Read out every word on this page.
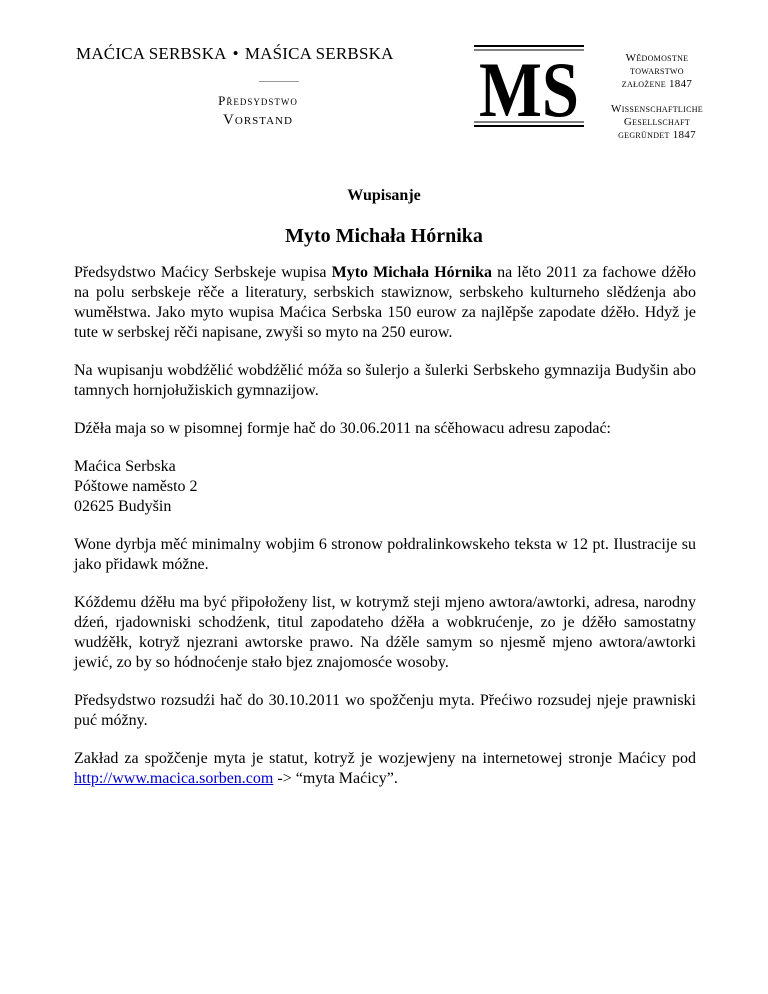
MAĆICA SERBSKA • MAŚICA SERBSKA
Předsydstwo
Vorstand	MS	Wědomostne
towarstwo
założene 1847
Wissenschaftliche
Gesellschaft
gegründet 1847
Wupisanje
Myto Michała Hórnika

Předsydstwo Maćicy Serbskeje wupisa Myto Michała Hórnika na lěto 2011 za fachowe dźěło na polu serbskeje rěče a literatury, serbskich stawiznow, serbskeho kulturneho slědźenja abo wuměłstwa. Jako myto wupisa Maćica Serbska 150 eurow za najlěpše zapodate dźěło. Hdyž je tute w serbskej rěči napisane, zwyši so myto na 250 eurow.

Na wupisanju wobdźělić wobdźělić móža so šulerjo a šulerki Serbskeho gymnazija Budyšin abo tamnych hornjołužiskich gymnazijow.

Dźěła maja so w pisomnej formje hač do 30.06.2011 na sćěhowacu adresu zapodać:

Maćica Serbska
Póštowe naměsto 2
02625 Budyšin

Wone dyrbja měć minimalny wobjim 6 stronow połdralinkowskeho teksta w 12 pt. Ilustracije su jako přidawk móžne.

Kóždemu dźěłu ma być připołoženy list, w kotrymž steji mjeno awtora/awtorki, adresa, narodny dźeń, rjadowniski schodźenk, titul zapodateho dźěła a wobkrućenje, zo je dźěło samostatny wudźěłk, kotryž njezrani awtorske prawo. Na dźěle samym so njesmě mjeno awtora/awtorki jewić, zo by so hódnoćenje stało bjez znajomosće wosoby.

Předsydstwo rozsudźi hač do 30.10.2011 wo spožčenju myta. Přećiwo rozsudej njeje prawniski puć móžny.

Zakład za spožčenje myta je statut, kotryž je wozjewjeny na internetowej stronje Maćicy pod http://www.macica.sorben.com -> “myta Maćicy”.
